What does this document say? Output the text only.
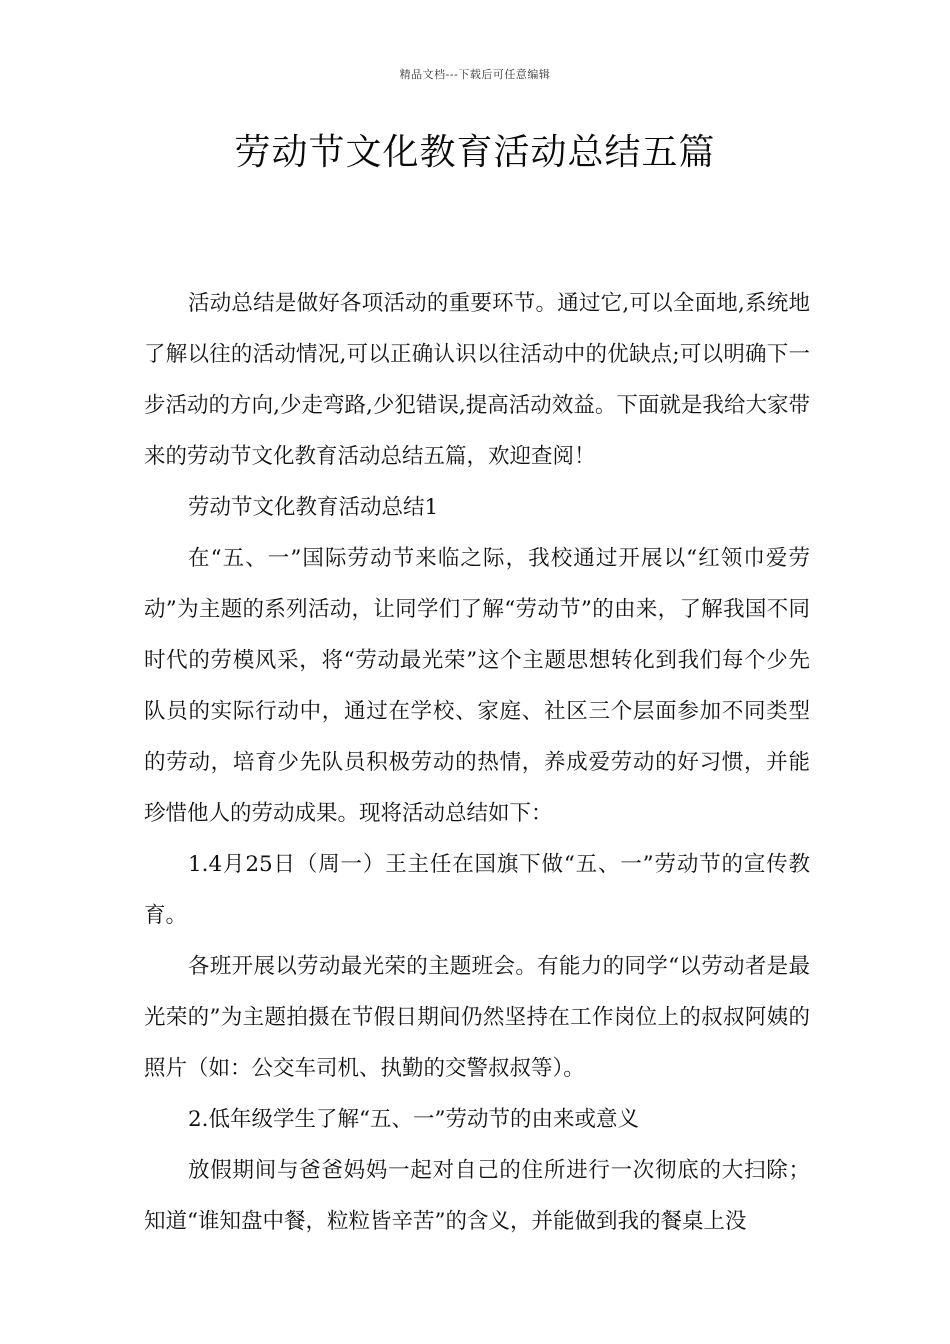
精品文档---下载后可任意编辑
劳动节文化教育活动总结五篇

活动总结是做好各项活动的重要环节。通过它,可以全面地,系统地了解以往的活动情况,可以正确认识以往活动中的优缺点;可以明确下一步活动的方向,少走弯路,少犯错误,提高活动效益。下面就是我给大家带来的劳动节文化教育活动总结五篇，欢迎查阅！

劳动节文化教育活动总结1

在“五、一”国际劳动节来临之际，我校通过开展以“红领巾爱劳动”为主题的系列活动，让同学们了解“劳动节”的由来，了解我国不同时代的劳模风采，将“劳动最光荣”这个主题思想转化到我们每个少先队员的实际行动中，通过在学校、家庭、社区三个层面参加不同类型的劳动，培育少先队员积极劳动的热情，养成爱劳动的好习惯，并能珍惜他人的劳动成果。现将活动总结如下：

1.4月25日（周一）王主任在国旗下做“五、一”劳动节的宣传教育。

各班开展以劳动最光荣的主题班会。有能力的同学“以劳动者是最光荣的”为主题拍摄在节假日期间仍然坚持在工作岗位上的叔叔阿姨的照片（如：公交车司机、执勤的交警叔叔等）。

2.低年级学生了解“五、一”劳动节的由来或意义

放假期间与爸爸妈妈一起对自己的住所进行一次彻底的大扫除；知道“谁知盘中餐，粒粒皆辛苦”的含义，并能做到我的餐桌上没
